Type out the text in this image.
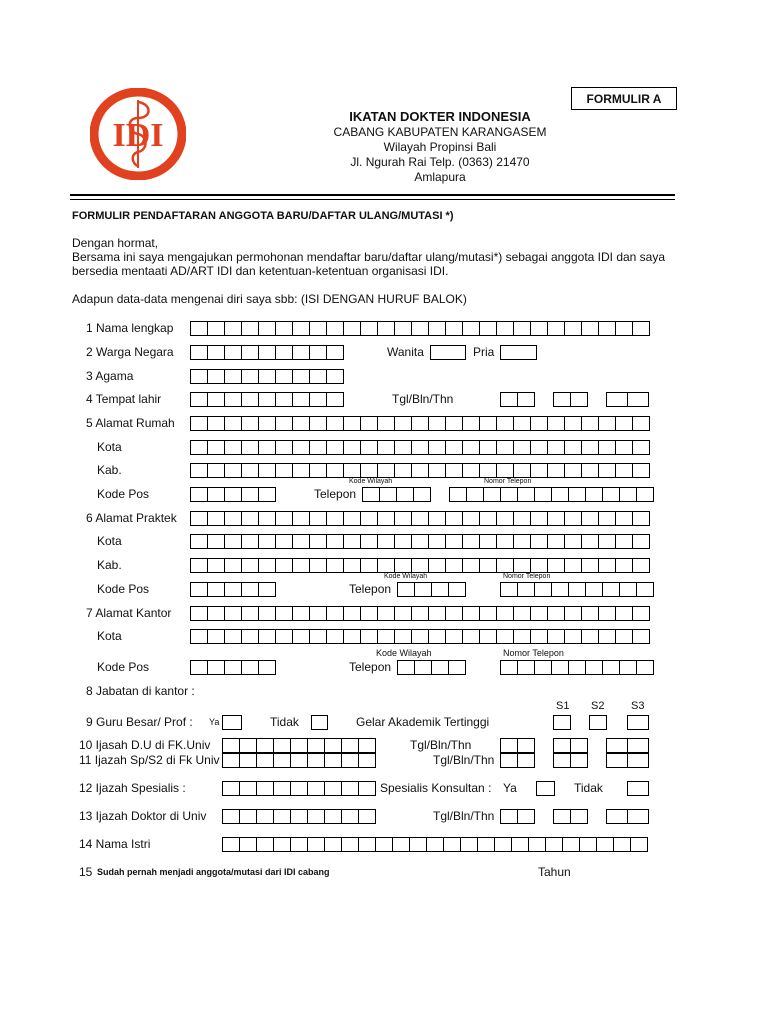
IDI
FORMULIR A
IKATAN DOKTER INDONESIA
CABANG KABUPATEN KARANGASEM
Wilayah Propinsi Bali
Jl. Ngurah Rai Telp. (0363) 21470
Amlapura
FORMULIR PENDAFTARAN ANGGOTA BARU/DAFTAR ULANG/MUTASI *)
Dengan hormat,
Bersama ini saya mengajukan permohonan mendaftar baru/daftar ulang/mutasi*) sebagai anggota IDI dan saya
bersedia mentaati AD/ART IDI dan ketentuan-ketentuan organisasi IDI.
Adapun data-data mengenai diri saya sbb: (ISI DENGAN HURUF BALOK)
1 Nama lengkap
2 Warga Negara	Wanita	Pria
3 Agama
4 Tempat lahir	Tgl/Bln/Thn
5 Alamat Rumah
Kota
Kab.
Kode Pos	Telepon
Kode Wilayah	Nomor Telepon
6 Alamat Praktek
Kota
Kab.
Kode Pos	Telepon
Kode Wilayah	Nomor Telepon
7 Alamat Kantor
Kota
Kode Wilayah	Nomor Telepon
Kode Pos	Telepon
8 Jabatan di kantor :
S1 S2 S3
9 Guru Besar/ Prof : Ya	Tidak	Gelar Akademik Tertinggi
10 Ijasah D.U di FK.Univ	Tgl/Bln/Thn
11 Ijazah Sp/S2 di Fk Univ	Tgl/Bln/Thn
12 Ijazah Spesialis :	Spesialis Konsultan : Ya	Tidak
13 Ijazah Doktor di Univ	Tgl/Bln/Thn
14 Nama Istri
15 Sudah pernah menjadi anggota/mutasi dari IDI cabang	Tahun
